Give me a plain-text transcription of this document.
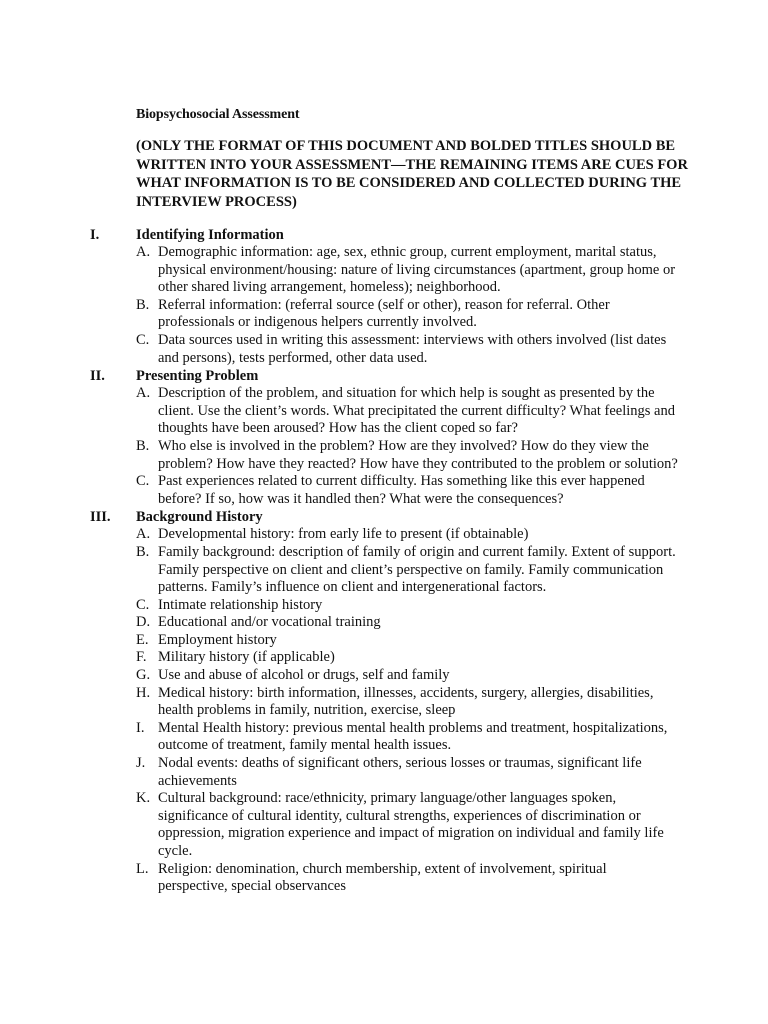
Biopsychosocial Assessment
(ONLY THE FORMAT OF THIS DOCUMENT AND BOLDED TITLES SHOULD BE WRITTEN INTO YOUR ASSESSMENT—THE REMAINING ITEMS ARE CUES FOR WHAT INFORMATION IS TO BE CONSIDERED AND COLLECTED DURING THE INTERVIEW PROCESS)
I.	Identifying Information
A. Demographic information: age, sex, ethnic group, current employment, marital status, physical environment/housing: nature of living circumstances (apartment, group home or other shared living arrangement, homeless); neighborhood.
B. Referral information: (referral source (self or other), reason for referral. Other professionals or indigenous helpers currently involved.
C. Data sources used in writing this assessment: interviews with others involved (list dates and persons), tests performed, other data used.
II. Presenting Problem
A. Description of the problem, and situation for which help is sought as presented by the client. Use the client’s words. What precipitated the current difficulty? What feelings and thoughts have been aroused? How has the client coped so far?
B. Who else is involved in the problem? How are they involved? How do they view the problem? How have they reacted? How have they contributed to the problem or solution?
C. Past experiences related to current difficulty. Has something like this ever happened before? If so, how was it handled then? What were the consequences?
III. Background History
A. Developmental history: from early life to present (if obtainable)
B. Family background: description of family of origin and current family. Extent of support. Family perspective on client and client’s perspective on family. Family communication patterns. Family’s influence on client and intergenerational factors.
C. Intimate relationship history
D. Educational and/or vocational training
E. Employment history
F. Military history (if applicable)
G. Use and abuse of alcohol or drugs, self and family
H. Medical history: birth information, illnesses, accidents, surgery, allergies, disabilities, health problems in family, nutrition, exercise, sleep
I. Mental Health history: previous mental health problems and treatment, hospitalizations, outcome of treatment, family mental health issues.
J. Nodal events: deaths of significant others, serious losses or traumas, significant life achievements
K. Cultural background: race/ethnicity, primary language/other languages spoken, significance of cultural identity, cultural strengths, experiences of discrimination or oppression, migration experience and impact of migration on individual and family life cycle.
L. Religion: denomination, church membership, extent of involvement, spiritual perspective, special observances
